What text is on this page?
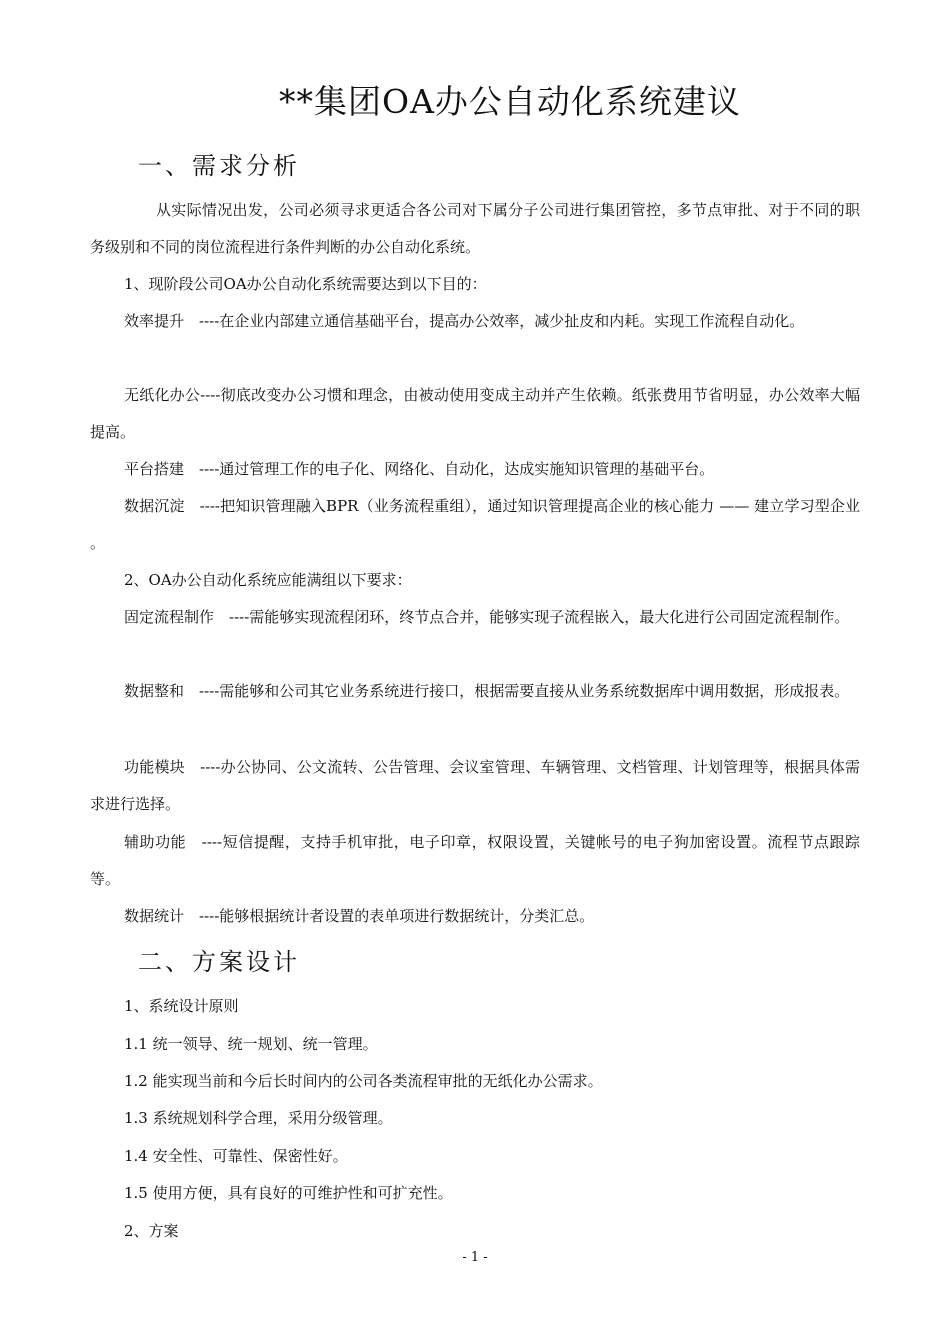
**集团OA办公自动化系统建议
一、需求分析
从实际情况出发，公司必须寻求更适合各公司对下属分子公司进行集团管控，多节点审批、对于不同的职务级别和不同的岗位流程进行条件判断的办公自动化系统。
1、现阶段公司OA办公自动化系统需要达到以下目的：
效率提升　----在企业内部建立通信基础平台，提高办公效率，减少扯皮和内耗。实现工作流程自动化。
无纸化办公----彻底改变办公习惯和理念，由被动使用变成主动并产生依赖。纸张费用节省明显，办公效率大幅提高。
平台搭建　----通过管理工作的电子化、网络化、自动化，达成实施知识管理的基础平台。
数据沉淀　----把知识管理融入BPR（业务流程重组），通过知识管理提高企业的核心能力 —— 建立学习型企业 。
2、OA办公自动化系统应能满组以下要求：
固定流程制作　----需能够实现流程闭环，终节点合并，能够实现子流程嵌入，最大化进行公司固定流程制作。
数据整和　----需能够和公司其它业务系统进行接口，根据需要直接从业务系统数据库中调用数据，形成报表。
功能模块　----办公协同、公文流转、公告管理、会议室管理、车辆管理、文档管理、计划管理等，根据具体需求进行选择。
辅助功能　----短信提醒，支持手机审批，电子印章，权限设置，关键帐号的电子狗加密设置。流程节点跟踪等。
数据统计　----能够根据统计者设置的表单项进行数据统计，分类汇总。
二、方案设计
1、系统设计原则
1.1 统一领导、统一规划、统一管理。
1.2 能实现当前和今后长时间内的公司各类流程审批的无纸化办公需求。
1.3 系统规划科学合理，采用分级管理。
1.4 安全性、可靠性、保密性好。
1.5 使用方便，具有良好的可维护性和可扩充性。
2、方案
- 1 -
